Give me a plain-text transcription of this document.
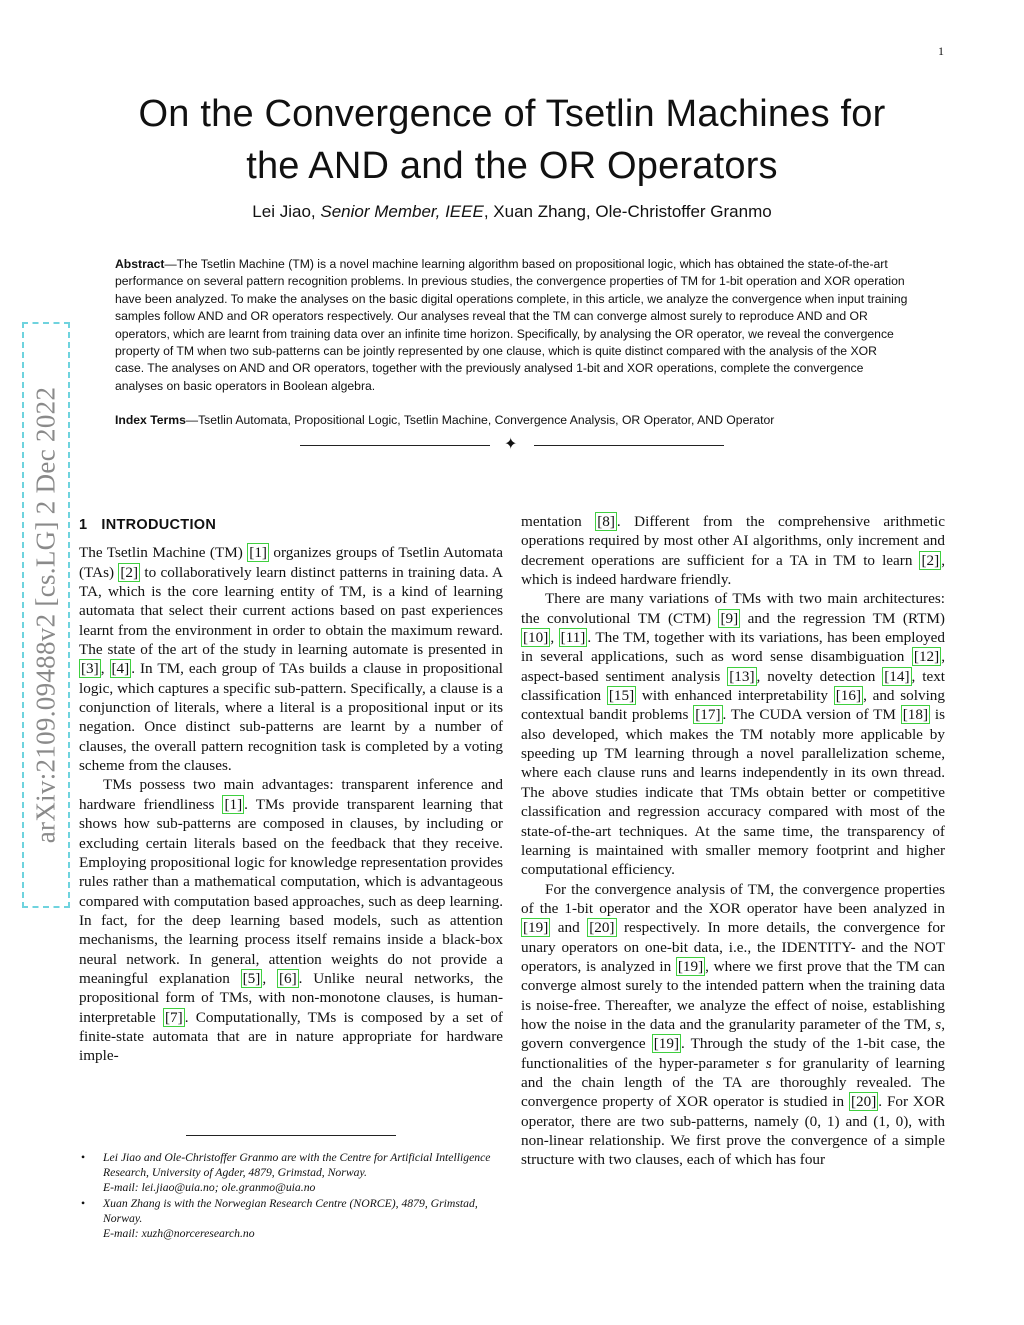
1
On the Convergence of Tsetlin Machines for
the AND and the OR Operators
Lei Jiao, Senior Member, IEEE, Xuan Zhang, Ole-Christoffer Granmo

Abstract—The Tsetlin Machine (TM) is a novel machine learning algorithm based on propositional logic, which has obtained the state-of-the-art performance on several pattern recognition problems. In previous studies, the convergence properties of TM for 1-bit operation and XOR operation have been analyzed. To make the analyses on the basic digital operations complete, in this article, we analyze the convergence when input training samples follow AND and OR operators respectively. Our analyses reveal that the TM can converge almost surely to reproduce AND and OR operators, which are learnt from training data over an infinite time horizon. Specifically, by analysing the OR operator, we reveal the convergence property of TM when two sub-patterns can be jointly represented by one clause, which is quite distinct compared with the analysis of the XOR case. The analyses on AND and OR operators, together with the previously analysed 1-bit and XOR operations, complete the convergence analyses on basic operators in Boolean algebra.

Index Terms—Tsetlin Automata, Propositional Logic, Tsetlin Machine, Convergence Analysis, OR Operator, AND Operator

✦
arXiv:2109.09488v2 [cs.LG] 2 Dec 2022 1 INTRODUCTION

The Tsetlin Machine (TM) [1] organizes groups of Tsetlin Automata (TAs) [2] to collaboratively learn distinct patterns in training data. A TA, which is the core learning entity of TM, is a kind of learning automata that select their current actions based on past experiences learnt from the environment in order to obtain the maximum reward. The state of the art of the study in learning automate is presented in [3] , [4] . In TM, each group of TAs builds a clause in propositional logic, which captures a specific sub-pattern. Specifically, a clause is a conjunction of literals, where a literal is a propositional input or its negation. Once distinct sub-patterns are learnt by a number of clauses, the overall pattern recognition task is completed by a voting scheme from the clauses.

TMs possess two main advantages: transparent inference and hardware friendliness [1] . TMs provide transparent learning that shows how sub-patterns are composed in clauses, by including or excluding certain literals based on the feedback that they receive. Employing propositional logic for knowledge representation provides rules rather than a mathematical computation, which is advantageous compared with computation based approaches, such as deep learning. In fact, for the deep learning based models, such as attention mechanisms, the learning process itself remains inside a black-box neural network. In general, attention weights do not provide a meaningful explanation [5] , [6] . Unlike neural networks, the propositional form of TMs, with non-monotone clauses, is human-interpretable [7] . Computationally, TMs is composed by a set of finite-state automata that are in nature appropriate for hardware imple-

• Lei Jiao and Ole-Christoffer Granmo are with the Centre for Artificial Intelligence Research, University of Agder, 4879, Grimstad, Norway.
E-mail: lei.jiao@uia.no; ole.granmo@uia.no
• Xuan Zhang is with the Norwegian Research Centre (NORCE), 4879, Grimstad, Norway.
E-mail: xuzh@norceresearch.no

mentation [8] . Different from the comprehensive arithmetic operations required by most other AI algorithms, only increment and decrement operations are sufficient for a TA in TM to learn [2] , which is indeed hardware friendly.

There are many variations of TMs with two main architectures: the convolutional TM (CTM) [9] and the regression TM (RTM) [10] , [11] . The TM, together with its variations, has been employed in several applications, such as word sense disambiguation [12] , aspect-based sentiment analysis [13] , novelty detection [14] , text classification [15] with enhanced interpretability [16] , and solving contextual bandit problems [17] . The CUDA version of TM [18] is also developed, which makes the TM notably more applicable by speeding up TM learning through a novel parallelization scheme, where each clause runs and learns independently in its own thread. The above studies indicate that TMs obtain better or competitive classification and regression accuracy compared with most of the state-of-the-art techniques. At the same time, the transparency of learning is maintained with smaller memory footprint and higher computational efficiency.

For the convergence analysis of TM, the convergence properties of the 1-bit operator and the XOR operator have been analyzed in [19] and [20] respectively. In more details, the convergence for unary operators on one-bit data, i.e., the IDENTITY- and the NOT operators, is analyzed in [19] , where we first prove that the TM can converge almost surely to the intended pattern when the training data is noise-free. Thereafter, we analyze the effect of noise, establishing how the noise in the data and the granularity parameter of the TM, s, govern convergence [19] . Through the study of the 1-bit case, the functionalities of the hyper-parameter s for granularity of learning and the chain length of the TA are thoroughly revealed. The convergence property of XOR operator is studied in [20] . For XOR operator, there are two sub-patterns, namely (0, 1) and (1, 0), with non-linear relationship. We first prove the convergence of a simple structure with two clauses, each of which has four
